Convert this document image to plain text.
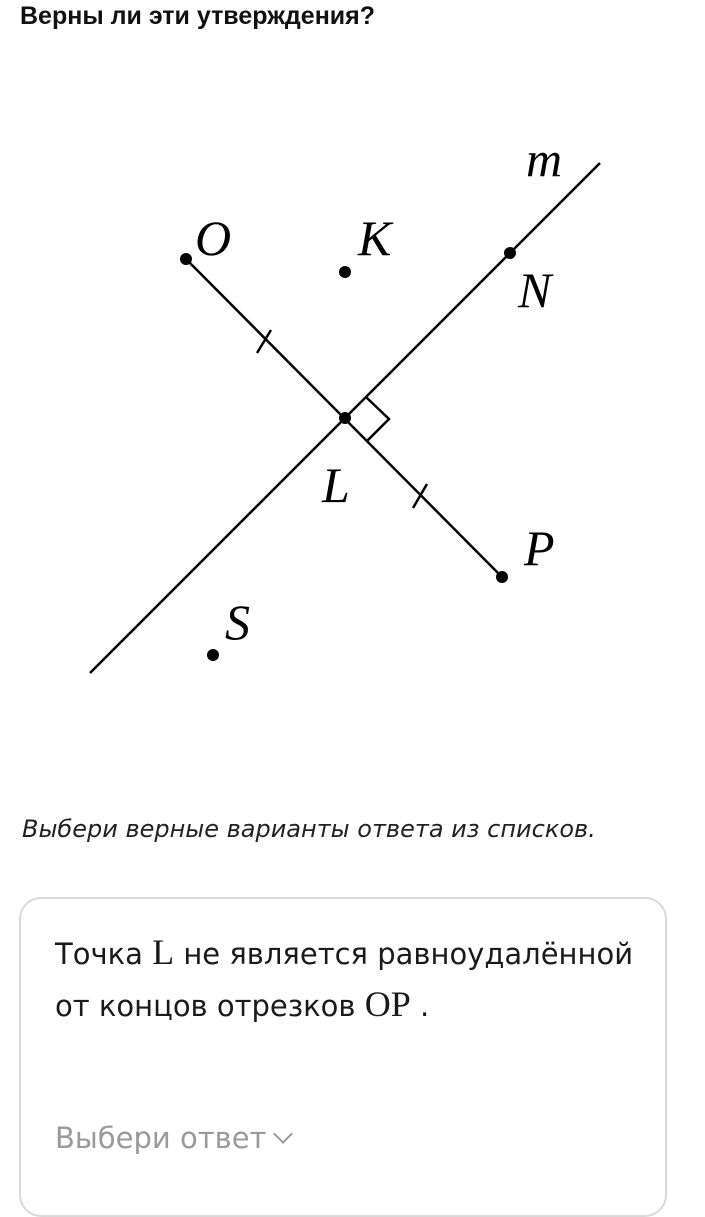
Верны ли эти утверждения?
m
O	K
N
L
P
S

Выбери верные варианты ответа из списков.

Точка L не является равноудалённой от концов отрезков OP .

Выбери ответ
